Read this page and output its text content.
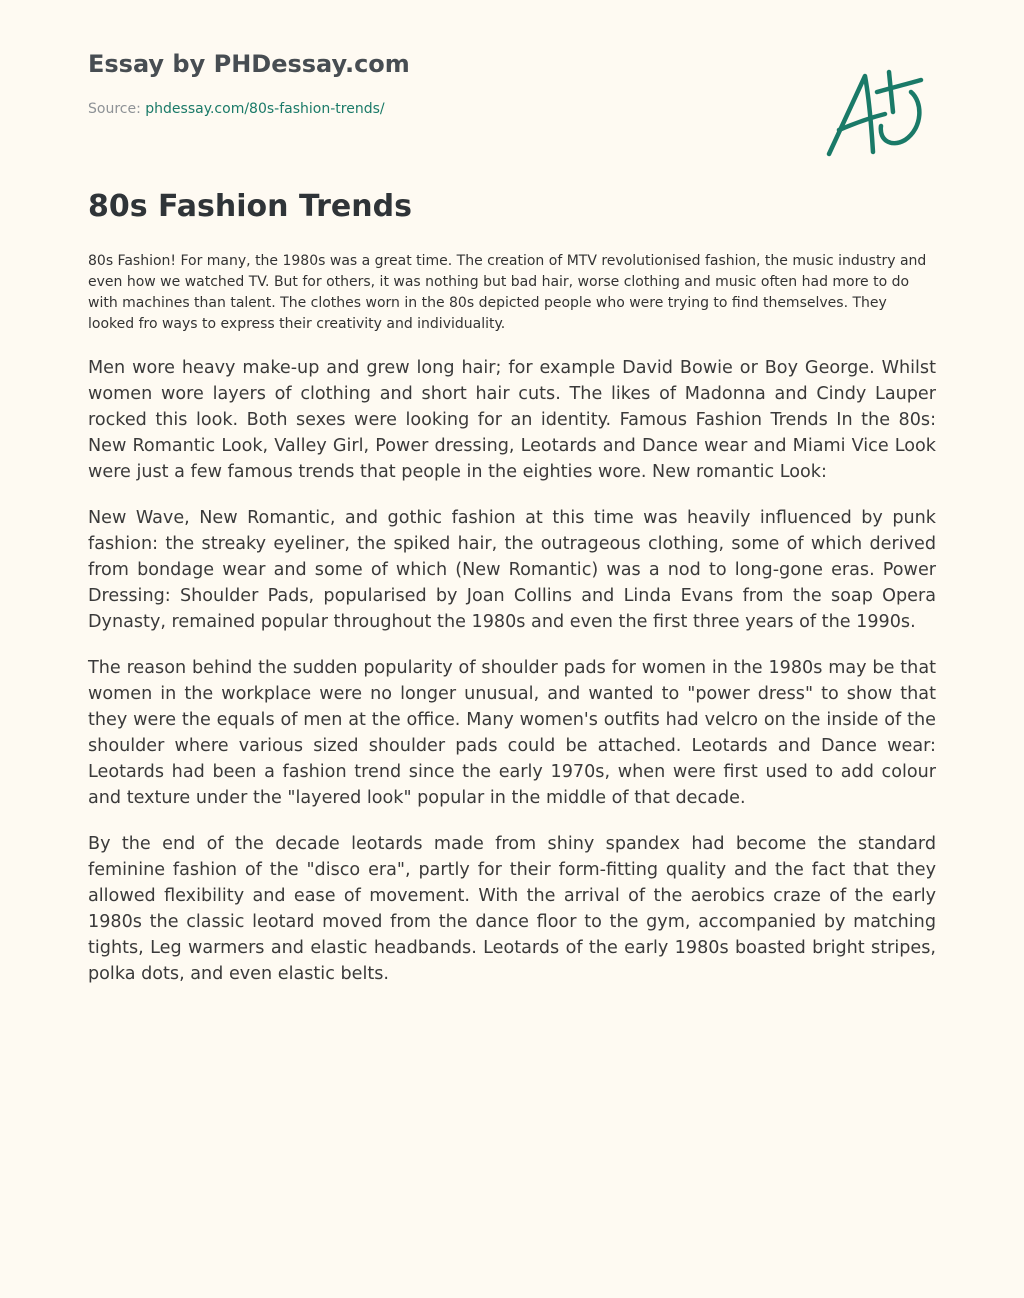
Essay by PHDessay.com
Source: phdessay.com/80s-fashion-trends/
80s Fashion Trends

80s Fashion! For many, the 1980s was a great time. The creation of MTV revolutionised fashion, the music industry and even how we watched TV. But for others, it was nothing but bad hair, worse clothing and music often had more to do with machines than talent. The clothes worn in the 80s depicted people who were trying to find themselves. They looked fro ways to express their creativity and individuality.

Men wore heavy make-up and grew long hair; for example David Bowie or Boy George. Whilst women wore layers of clothing and short hair cuts. The likes of Madonna and Cindy Lauper rocked this look. Both sexes were looking for an identity. Famous Fashion Trends In the 80s: New Romantic Look, Valley Girl, Power dressing, Leotards and Dance wear and Miami Vice Look were just a few famous trends that people in the eighties wore. New romantic Look:

New Wave, New Romantic, and gothic fashion at this time was heavily influenced by punk fashion: the streaky eyeliner, the spiked hair, the outrageous clothing, some of which derived from bondage wear and some of which (New Romantic) was a nod to long-gone eras. Power Dressing: Shoulder Pads, popularised by Joan Collins and Linda Evans from the soap Opera Dynasty, remained popular throughout the 1980s and even the first three years of the 1990s.

The reason behind the sudden popularity of shoulder pads for women in the 1980s may be that women in the workplace were no longer unusual, and wanted to "power dress" to show that they were the equals of men at the office. Many women's outfits had velcro on the inside of the shoulder where various sized shoulder pads could be attached. Leotards and Dance wear: Leotards had been a fashion trend since the early 1970s, when were first used to add colour and texture under the "layered look" popular in the middle of that decade.

By the end of the decade leotards made from shiny spandex had become the standard feminine fashion of the "disco era", partly for their form-fitting quality and the fact that they allowed flexibility and ease of movement. With the arrival of the aerobics craze of the early 1980s the classic leotard moved from the dance floor to the gym, accompanied by matching tights, Leg warmers and elastic headbands. Leotards of the early 1980s boasted bright stripes, polka dots, and even elastic belts.
